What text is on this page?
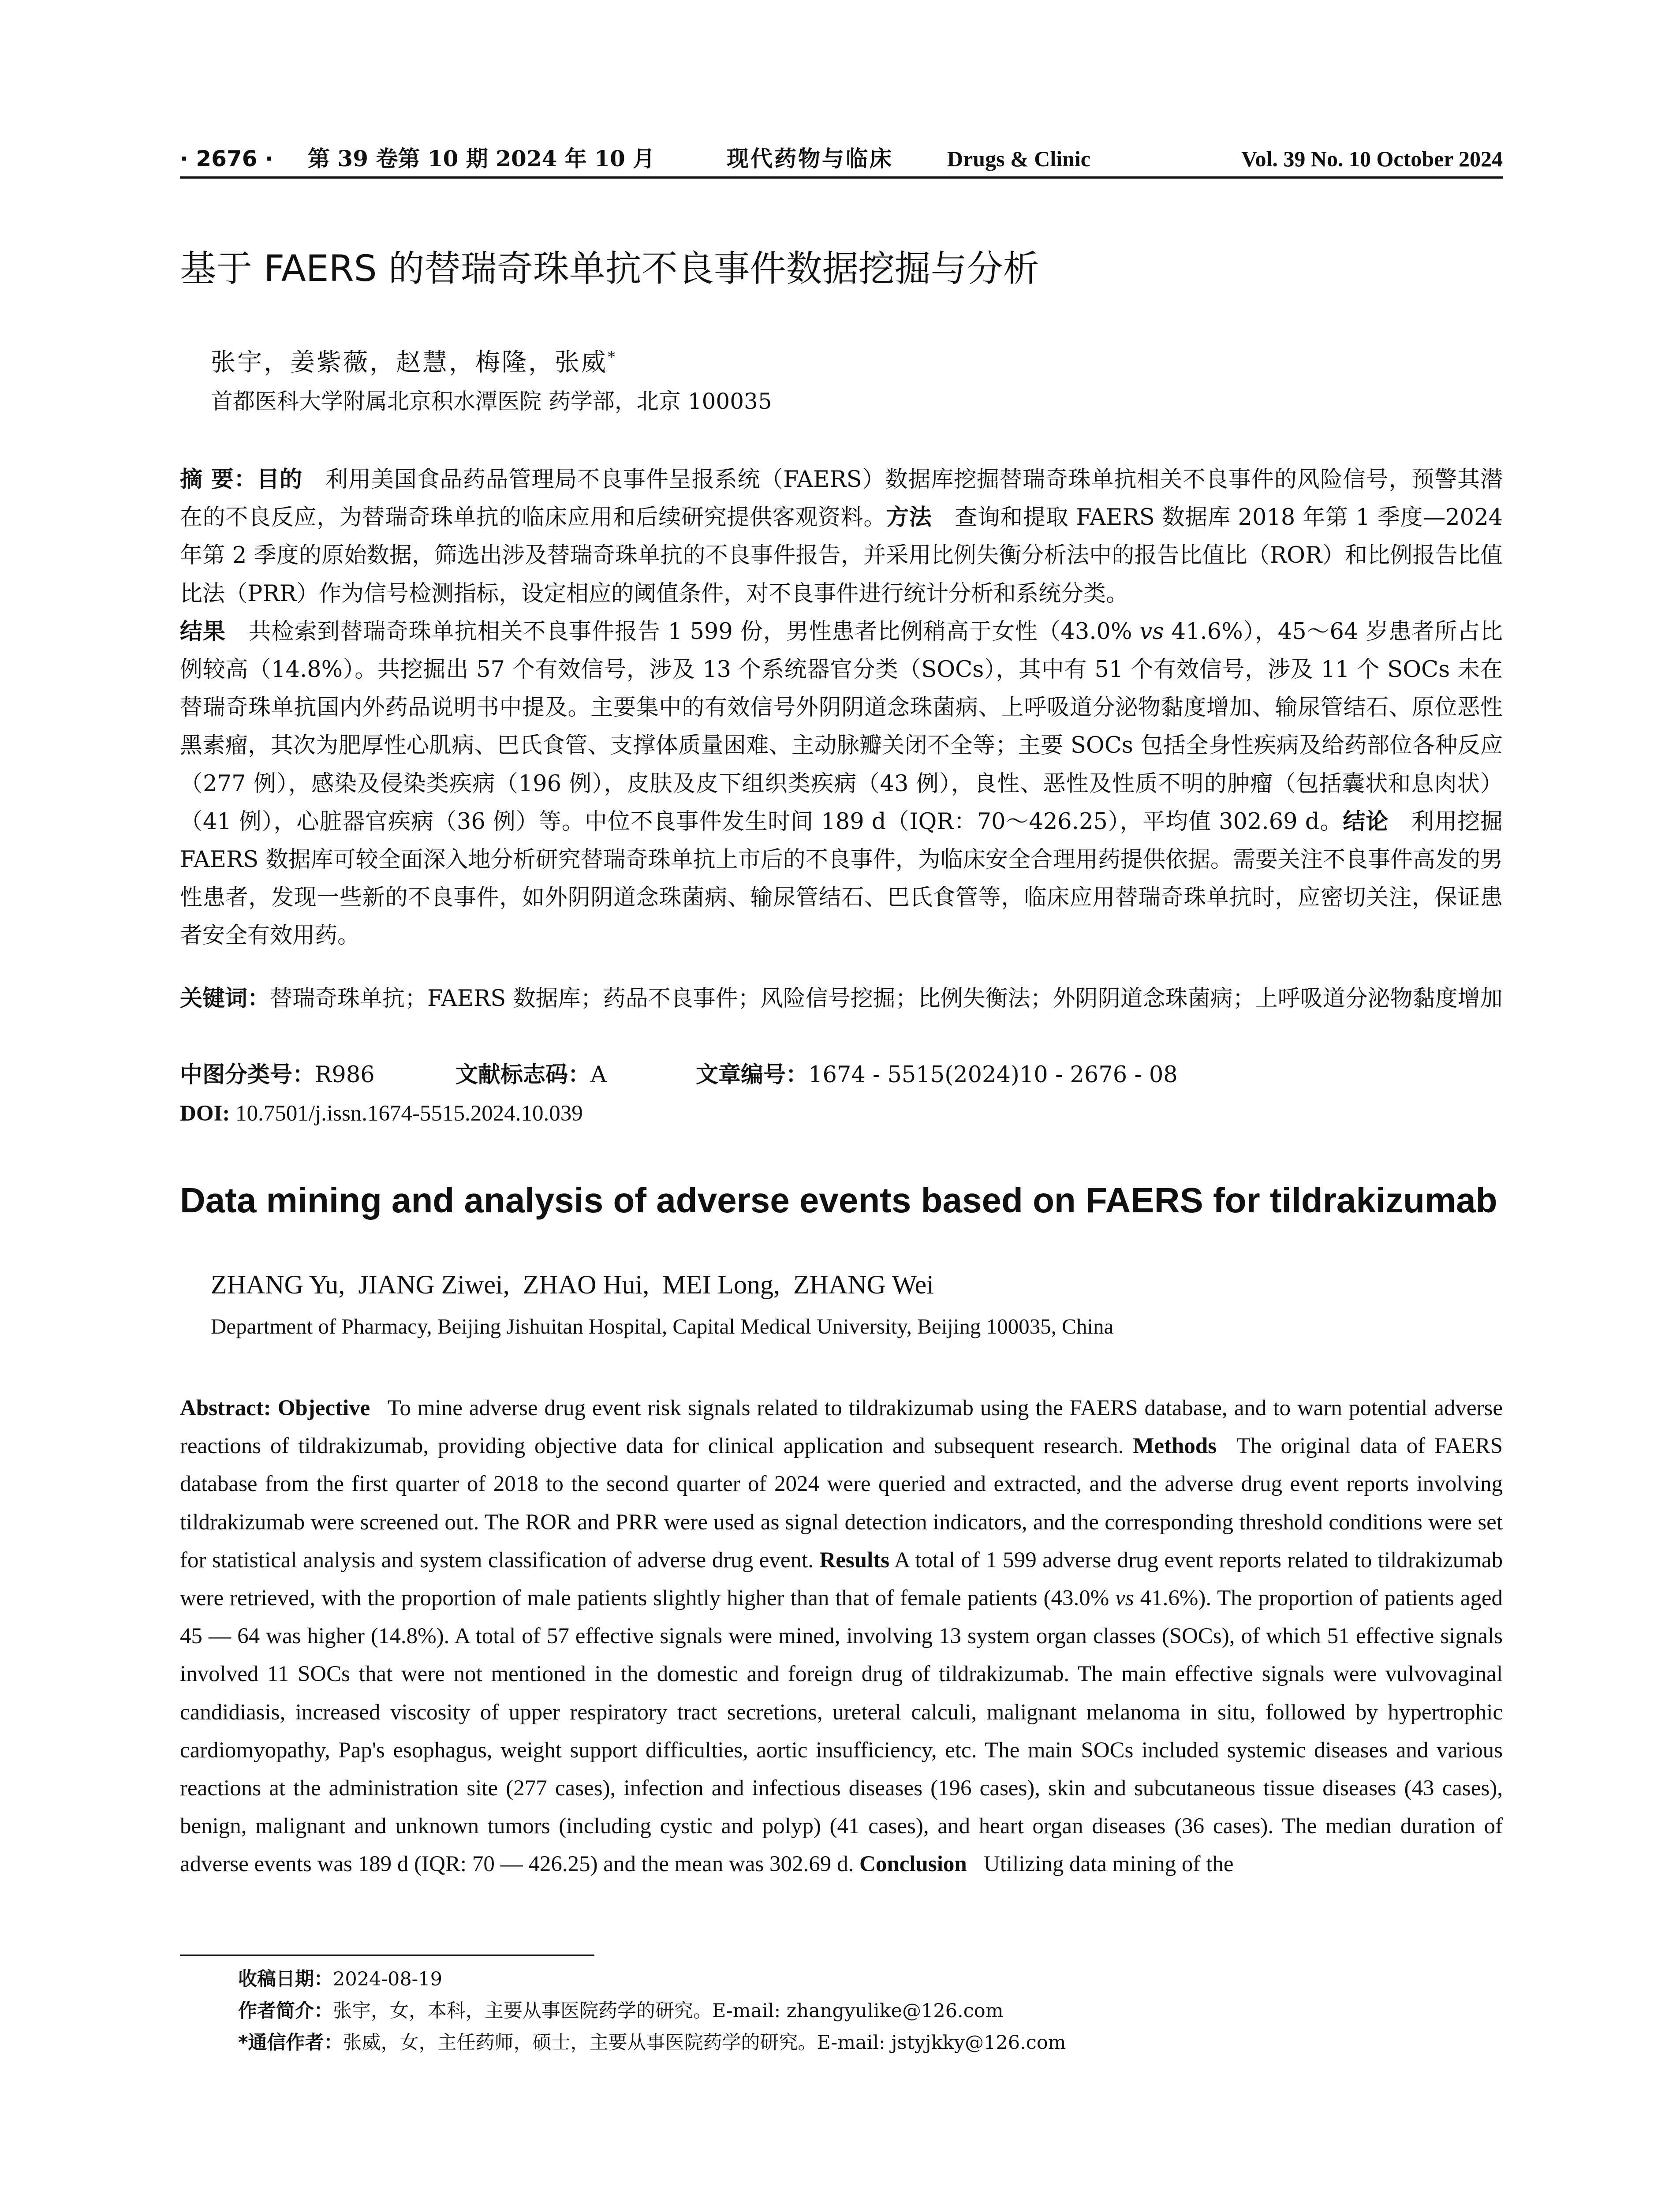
· 2676 · 第 39 卷第 10 期 2024 年 10 月	现代药物与临床 Drugs & Clinic	Vol. 39 No. 10 October 2024
基于 FAERS 的替瑞奇珠单抗不良事件数据挖掘与分析
张宇，姜紫薇，赵慧，梅隆，张威*
首都医科大学附属北京积水潭医院 药学部，北京 100035
摘 要：目的  利用美国食品药品管理局不良事件呈报系统（FAERS）数据库挖掘替瑞奇珠单抗相关不良事件的风险信号，预警其潜在的不良反应，为替瑞奇珠单抗的临床应用和后续研究提供客观资料。方法  查询和提取 FAERS 数据库 2018 年第 1 季度—2024 年第 2 季度的原始数据，筛选出涉及替瑞奇珠单抗的不良事件报告，并采用比例失衡分析法中的报告比值比（ROR）和比例报告比值比法（PRR）作为信号检测指标，设定相应的阈值条件，对不良事件进行统计分析和系统分类。
结果  共检索到替瑞奇珠单抗相关不良事件报告 1 599 份，男性患者比例稍高于女性（43.0% vs 41.6%），45～64 岁患者所占比例较高（14.8%）。共挖掘出 57 个有效信号，涉及 13 个系统器官分类（SOCs），其中有 51 个有效信号，涉及 11 个 SOCs 未在替瑞奇珠单抗国内外药品说明书中提及。主要集中的有效信号外阴阴道念珠菌病、上呼吸道分泌物黏度增加、输尿管结石、原位恶性黑素瘤，其次为肥厚性心肌病、巴氏食管、支撑体质量困难、主动脉瓣关闭不全等；主要 SOCs 包括全身性疾病及给药部位各种反应（277 例），感染及侵染类疾病（196 例），皮肤及皮下组织类疾病（43 例），良性、恶性及性质不明的肿瘤（包括囊状和息肉状）（41 例），心脏器官疾病（36 例）等。中位不良事件发生时间 189 d（IQR：70～426.25），平均值 302.69 d。结论  利用挖掘 FAERS 数据库可较全面深入地分析研究替瑞奇珠单抗上市后的不良事件，为临床安全合理用药提供依据。需要关注不良事件高发的男性患者，发现一些新的不良事件，如外阴阴道念珠菌病、输尿管结石、巴氏食管等，临床应用替瑞奇珠单抗时，应密切关注，保证患者安全有效用药。
关键词：替瑞奇珠单抗；FAERS 数据库；药品不良事件；风险信号挖掘；比例失衡法；外阴阴道念珠菌病；上呼吸道分泌物黏度增加
中图分类号：R986	文献标志码：A	文章编号：1674 - 5515(2024)10 - 2676 - 08
DOI: 10.7501/j.issn.1674-5515.2024.10.039
Data mining and analysis of adverse events based on FAERS for tildrakizumab
ZHANG Yu,  JIANG Ziwei,  ZHAO Hui,  MEI Long,  ZHANG Wei
Department of Pharmacy, Beijing Jishuitan Hospital, Capital Medical University, Beijing 100035, China
Abstract: Objective  To mine adverse drug event risk signals related to tildrakizumab using the FAERS database, and to warn potential adverse reactions of tildrakizumab, providing objective data for clinical application and subsequent research. Methods  The original data of FAERS database from the first quarter of 2018 to the second quarter of 2024 were queried and extracted, and the adverse drug event reports involving tildrakizumab were screened out. The ROR and PRR were used as signal detection indicators, and the corresponding threshold conditions were set for statistical analysis and system classification of adverse drug event. Results A total of 1 599 adverse drug event reports related to tildrakizumab were retrieved, with the proportion of male patients slightly higher than that of female patients (43.0% vs 41.6%). The proportion of patients aged 45 — 64 was higher (14.8%). A total of 57 effective signals were mined, involving 13 system organ classes (SOCs), of which 51 effective signals involved 11 SOCs that were not mentioned in the domestic and foreign drug of tildrakizumab. The main effective signals were vulvovaginal candidiasis, increased viscosity of upper respiratory tract secretions, ureteral calculi, malignant melanoma in situ, followed by hypertrophic cardiomyopathy, Pap's esophagus, weight support difficulties, aortic insufficiency, etc. The main SOCs included systemic diseases and various reactions at the administration site (277 cases), infection and infectious diseases (196 cases), skin and subcutaneous tissue diseases (43 cases), benign, malignant and unknown tumors (including cystic and polyp) (41 cases), and heart organ diseases (36 cases). The median duration of adverse events was 189 d (IQR: 70 — 426.25) and the mean was 302.69 d. Conclusion  Utilizing data mining of the
收稿日期：2024-08-19
作者简介：张宇，女，本科，主要从事医院药学的研究。E-mail: zhangyulike@126.com
*通信作者：张威，女，主任药师，硕士，主要从事医院药学的研究。E-mail: jstyjkky@126.com
